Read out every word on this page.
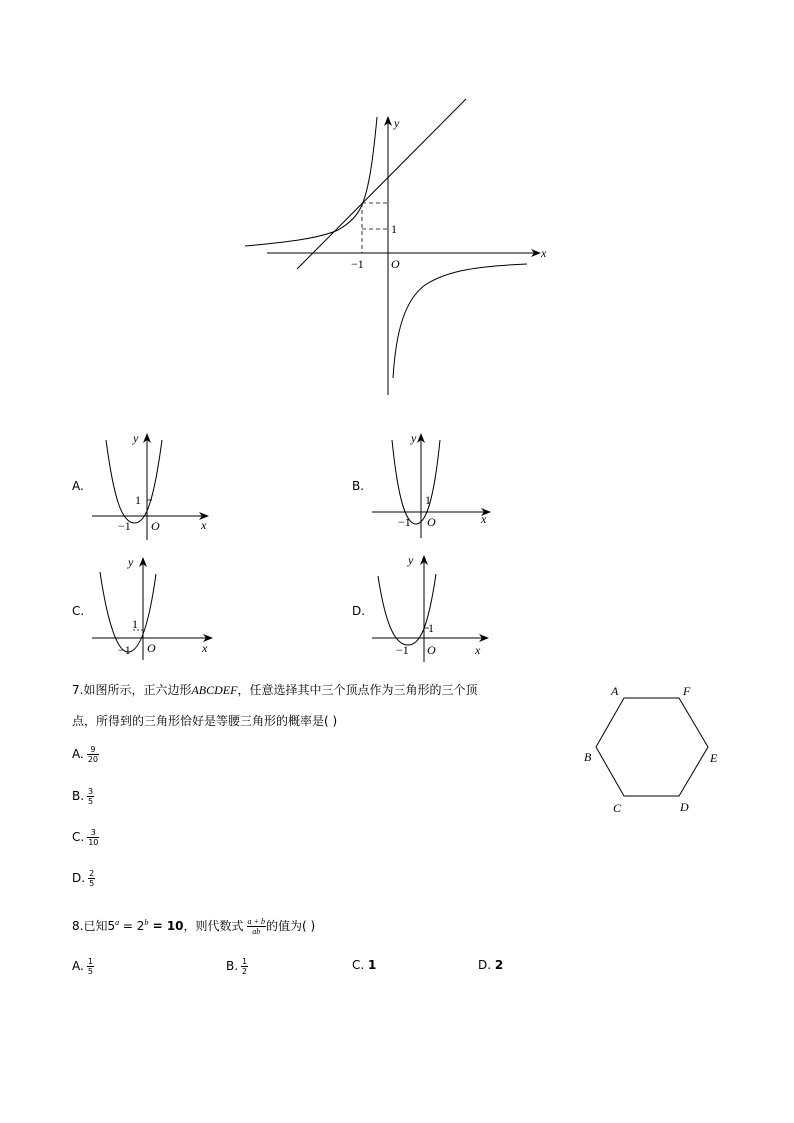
y
x
O
−1
1
A.
y
x
O
−1
1
B.
y
x
O
−1
1
C.
y
x
O
−1
1
D.
y
x
O
−1
1
7.如图所示，正六边形ABCDEF，任意选择其中三个顶点作为三角形的三个顶
点，所得到的三角形恰好是等腰三角形的概率是( )
A. $\frac{9}{20}$
B. $\frac{3}{5}$
C. $\frac{3}{10}$
D. $\frac{2}{5}$
A	F
B	E
C	D
8.已知$5^a = 2^b = 10$，则代数式 $\frac{a + b}{ab}$ 的值为( )
A. $\frac{1}{5}$	B. $\frac{1}{2}$	C. 1	D. 2
